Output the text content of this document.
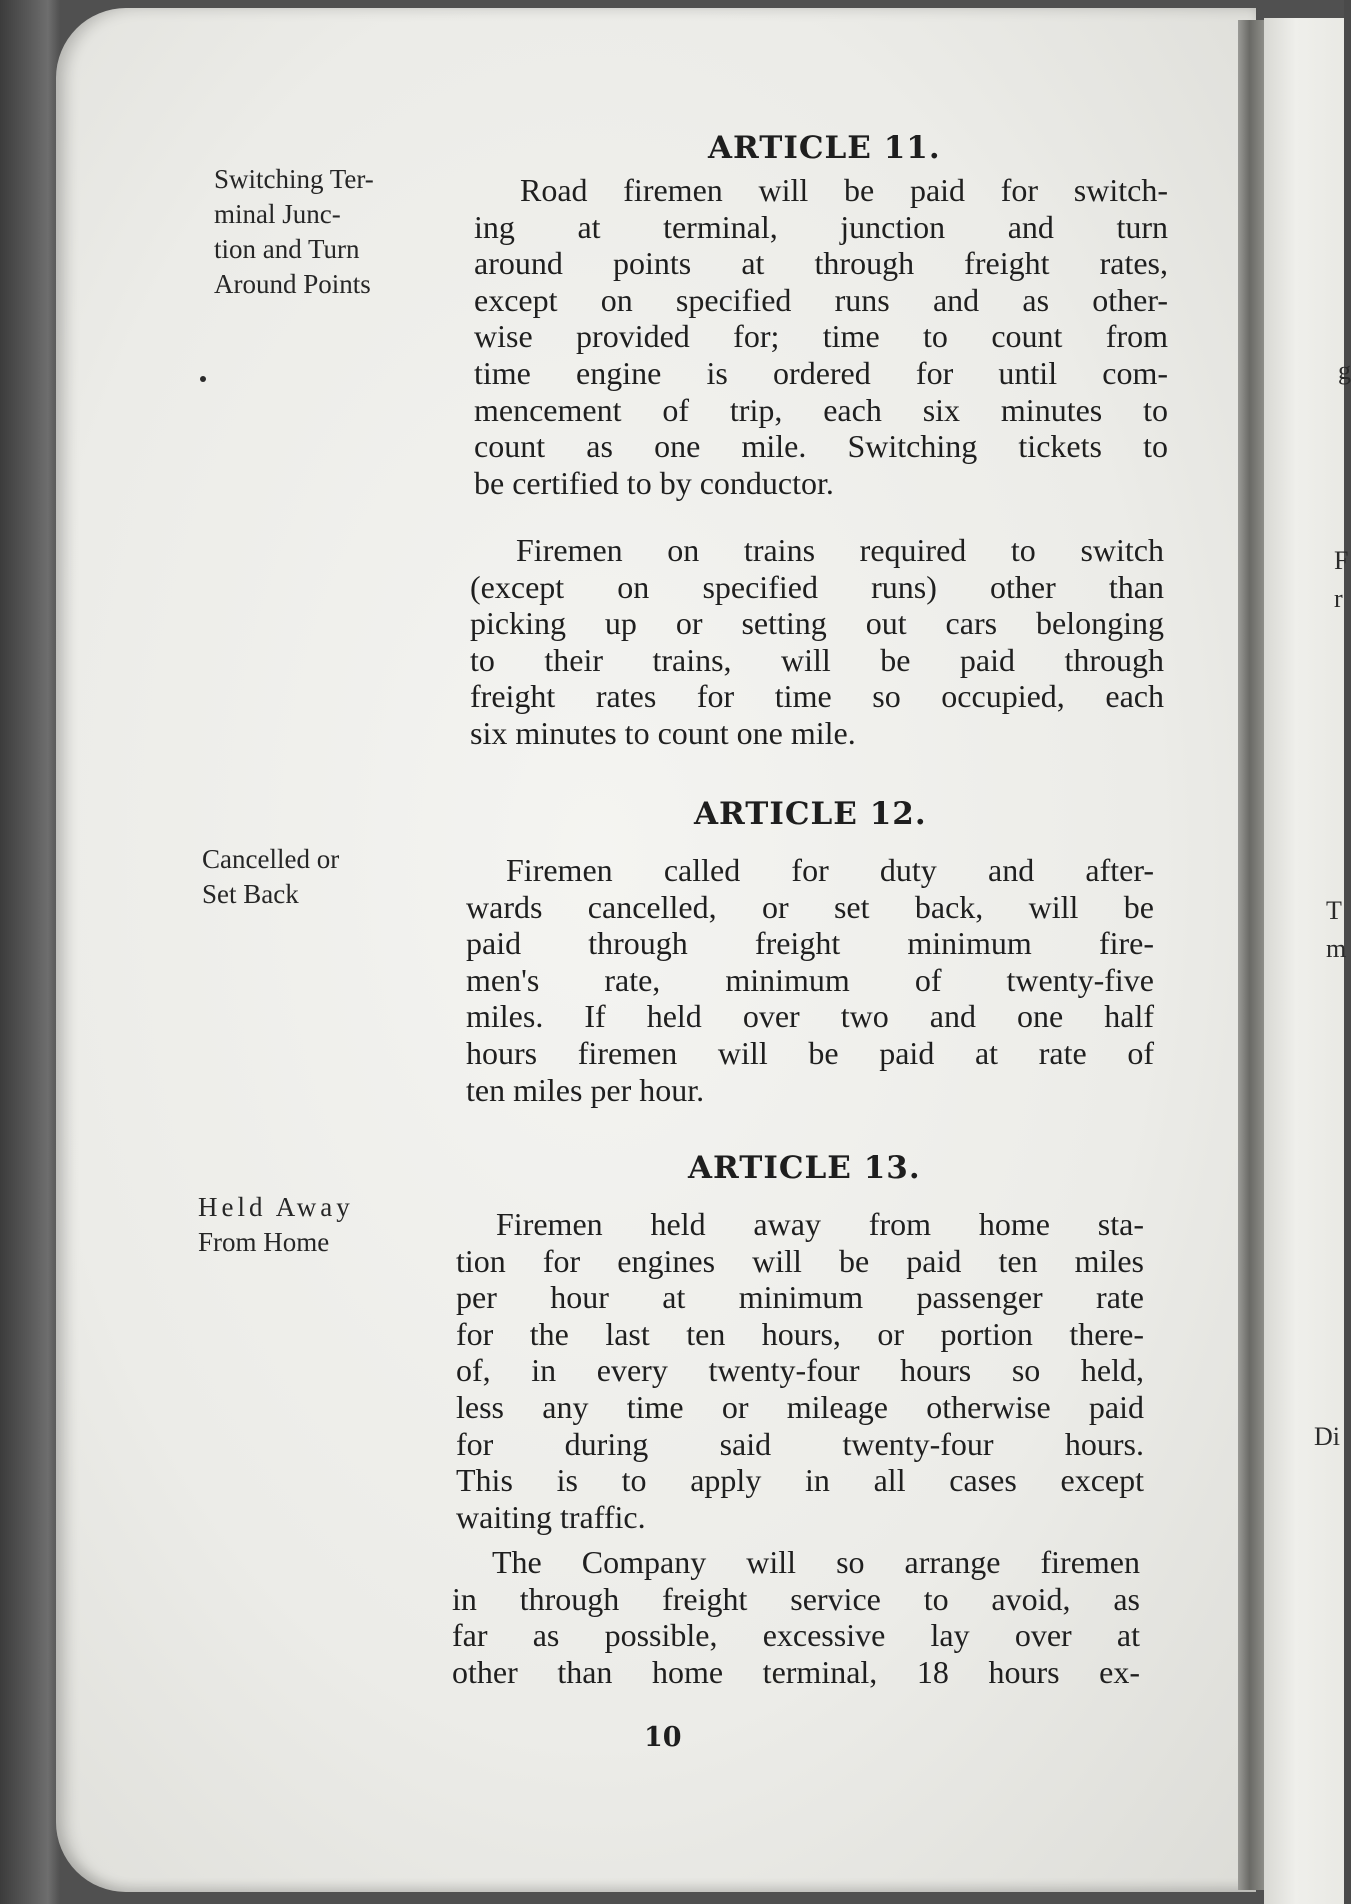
g
F
r
T
m
Di
ARTICLE 11.
Switching Ter-
minal Junc-
tion and Turn
Around Points
Road firemen will be paid for switch-
ing at terminal, junction and turn
around points at through freight rates,
except on specified runs and as other-
wise provided for; time to count from
time engine is ordered for until com-
mencement of trip, each six minutes to
count as one mile. Switching tickets to
be certified to by conductor.
Firemen on trains required to switch
(except on specified runs) other than
picking up or setting out cars belonging
to their trains, will be paid through
freight rates for time so occupied, each
six minutes to count one mile.
ARTICLE 12.
Cancelled or
Set Back
Firemen called for duty and after-
wards cancelled, or set back, will be
paid through freight minimum fire-
men's rate, minimum of twenty-five
miles. If held over two and one half
hours firemen will be paid at rate of
ten miles per hour.
ARTICLE 13.
Held Away
From Home	Firemen held away from home sta-
tion for engines will be paid ten miles
per hour at minimum passenger rate
for the last ten hours, or portion there-
of, in every twenty-four hours so held,
less any time or mileage otherwise paid
for during said twenty-four hours.
This is to apply in all cases except
waiting traffic.
The Company will so arrange firemen
in through freight service to avoid, as
far as possible, excessive lay over at
other than home terminal, 18 hours ex-
10
